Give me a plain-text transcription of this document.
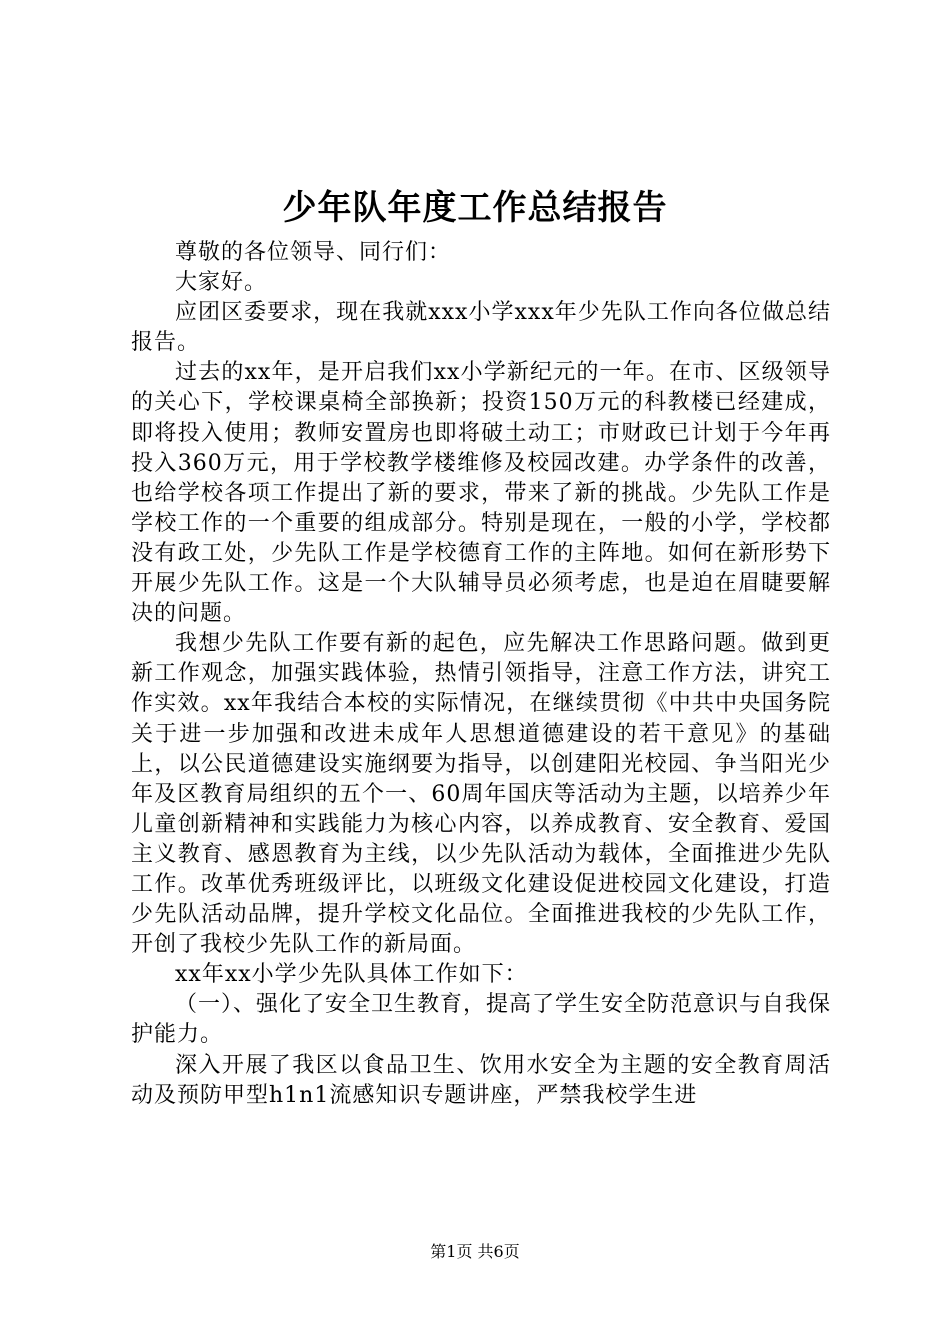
少年队年度工作总结报告

尊敬的各位领导、同行们：

大家好。

应团区委要求，现在我就xxx小学xxx年少先队工作向各位做总结报告。

过去的xx年，是开启我们xx小学新纪元的一年。在市、区级领导的关心下，学校课桌椅全部换新；投资150万元的科教楼已经建成，即将投入使用；教师安置房也即将破土动工；市财政已计划于今年再投入360万元，用于学校教学楼维修及校园改建。办学条件的改善，也给学校各项工作提出了新的要求，带来了新的挑战。少先队工作是学校工作的一个重要的组成部分。特别是现在，一般的小学，学校都没有政工处，少先队工作是学校德育工作的主阵地。如何在新形势下开展少先队工作。这是一个大队辅导员必须考虑，也是迫在眉睫要解决的问题。

我想少先队工作要有新的起色，应先解决工作思路问题。做到更新工作观念，加强实践体验，热情引领指导，注意工作方法，讲究工作实效。xx年我结合本校的实际情况，在继续贯彻《中共中央国务院关于进一步加强和改进未成年人思想道德建设的若干意见》的基础上，以公民道德建设实施纲要为指导，以创建阳光校园、争当阳光少年及区教育局组织的五个一、60周年国庆等活动为主题，以培养少年儿童创新精神和实践能力为核心内容，以养成教育、安全教育、爱国主义教育、感恩教育为主线，以少先队活动为载体，全面推进少先队工作。改革优秀班级评比，以班级文化建设促进校园文化建设，打造少先队活动品牌，提升学校文化品位。全面推进我校的少先队工作，开创了我校少先队工作的新局面。

xx年xx小学少先队具体工作如下：

（一）、强化了安全卫生教育，提高了学生安全防范意识与自我保护能力。

深入开展了我区以食品卫生、饮用水安全为主题的安全教育周活动及预防甲型h1n1流感知识专题讲座，严禁我校学生进

第1页 共6页
